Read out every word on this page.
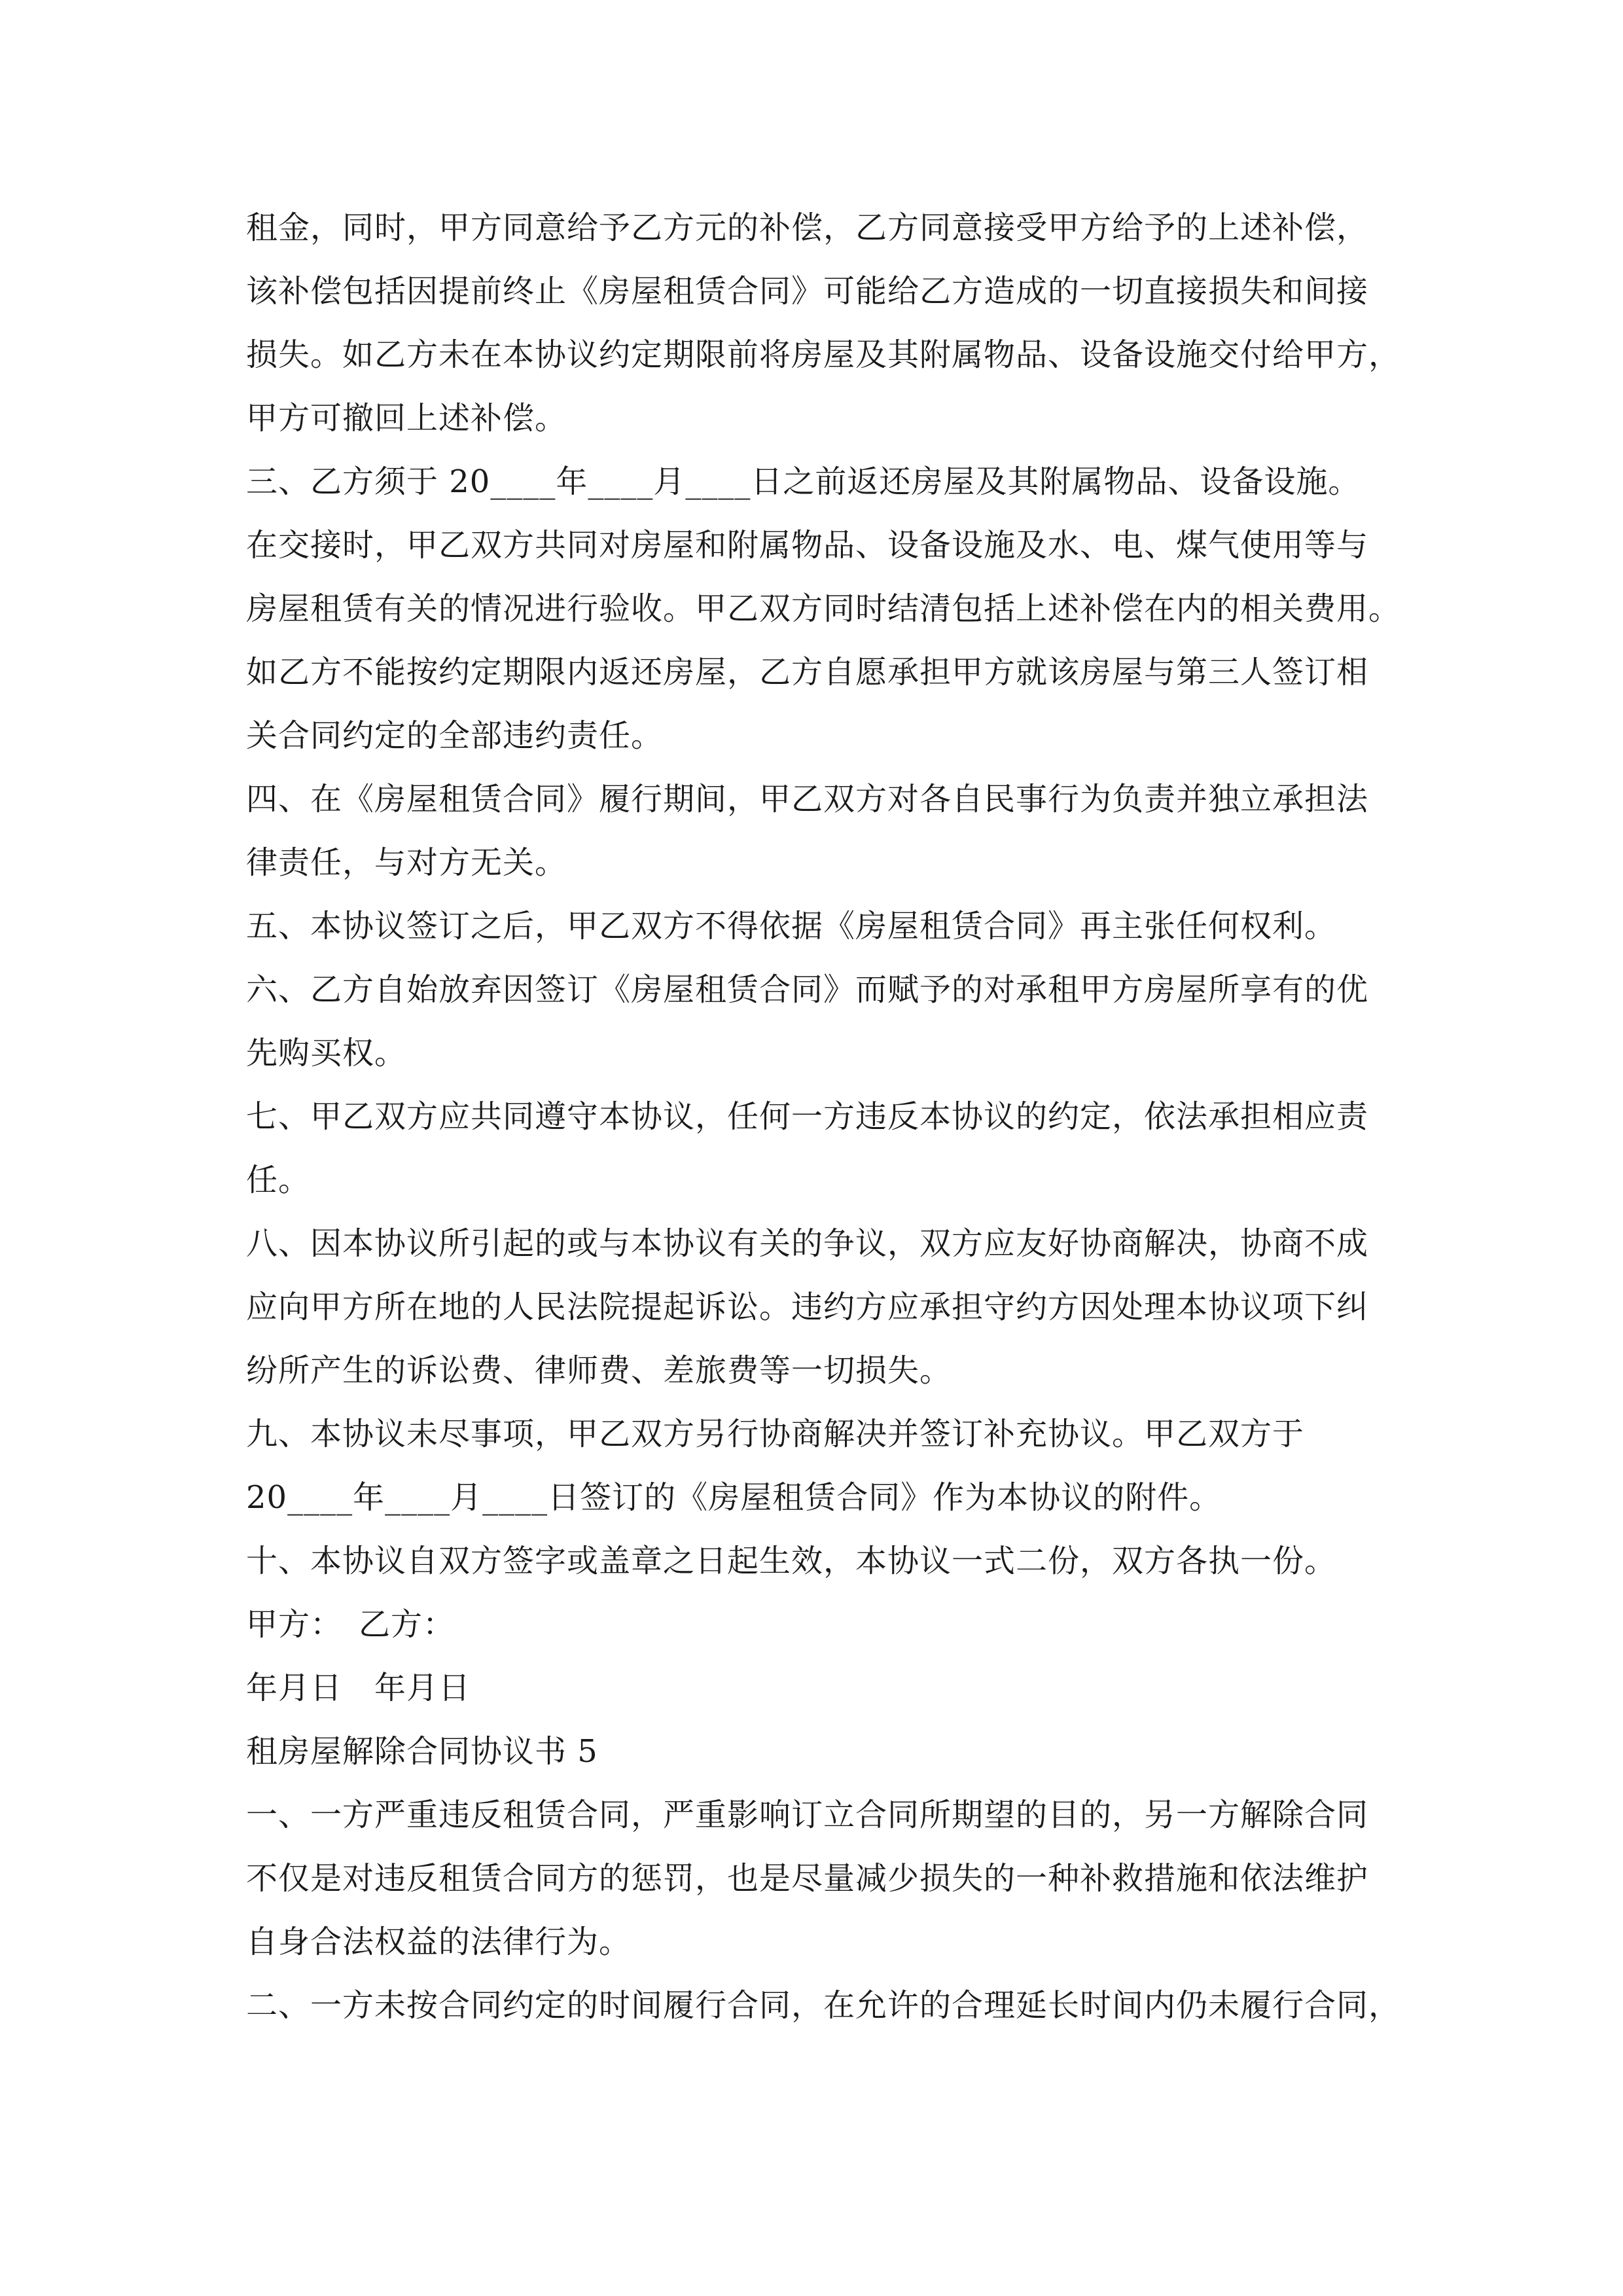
租金，同时，甲方同意给予乙方元的补偿，乙方同意接受甲方给予的上述补偿，
该补偿包括因提前终止《房屋租赁合同》可能给乙方造成的一切直接损失和间接
损失。如乙方未在本协议约定期限前将房屋及其附属物品、设备设施交付给甲方，
甲方可撤回上述补偿。
三、乙方须于 20____年____月____日之前返还房屋及其附属物品、设备设施。
在交接时，甲乙双方共同对房屋和附属物品、设备设施及水、电、煤气使用等与
房屋租赁有关的情况进行验收。甲乙双方同时结清包括上述补偿在内的相关费用。
如乙方不能按约定期限内返还房屋，乙方自愿承担甲方就该房屋与第三人签订相
关合同约定的全部违约责任。
四、在《房屋租赁合同》履行期间，甲乙双方对各自民事行为负责并独立承担法
律责任，与对方无关。
五、本协议签订之后，甲乙双方不得依据《房屋租赁合同》再主张任何权利。
六、乙方自始放弃因签订《房屋租赁合同》而赋予的对承租甲方房屋所享有的优
先购买权。
七、甲乙双方应共同遵守本协议，任何一方违反本协议的约定，依法承担相应责
任。
八、因本协议所引起的或与本协议有关的争议，双方应友好协商解决，协商不成
应向甲方所在地的人民法院提起诉讼。违约方应承担守约方因处理本协议项下纠
纷所产生的诉讼费、律师费、差旅费等一切损失。
九、本协议未尽事项，甲乙双方另行协商解决并签订补充协议。甲乙双方于
20____年____月____日签订的《房屋租赁合同》作为本协议的附件。
十、本协议自双方签字或盖章之日起生效，本协议一式二份，双方各执一份。
甲方：　乙方：
年月日　年月日
租房屋解除合同协议书 5
一、一方严重违反租赁合同，严重影响订立合同所期望的目的，另一方解除合同
不仅是对违反租赁合同方的惩罚，也是尽量减少损失的一种补救措施和依法维护
自身合法权益的法律行为。
二、一方未按合同约定的时间履行合同，在允许的合理延长时间内仍未履行合同，
